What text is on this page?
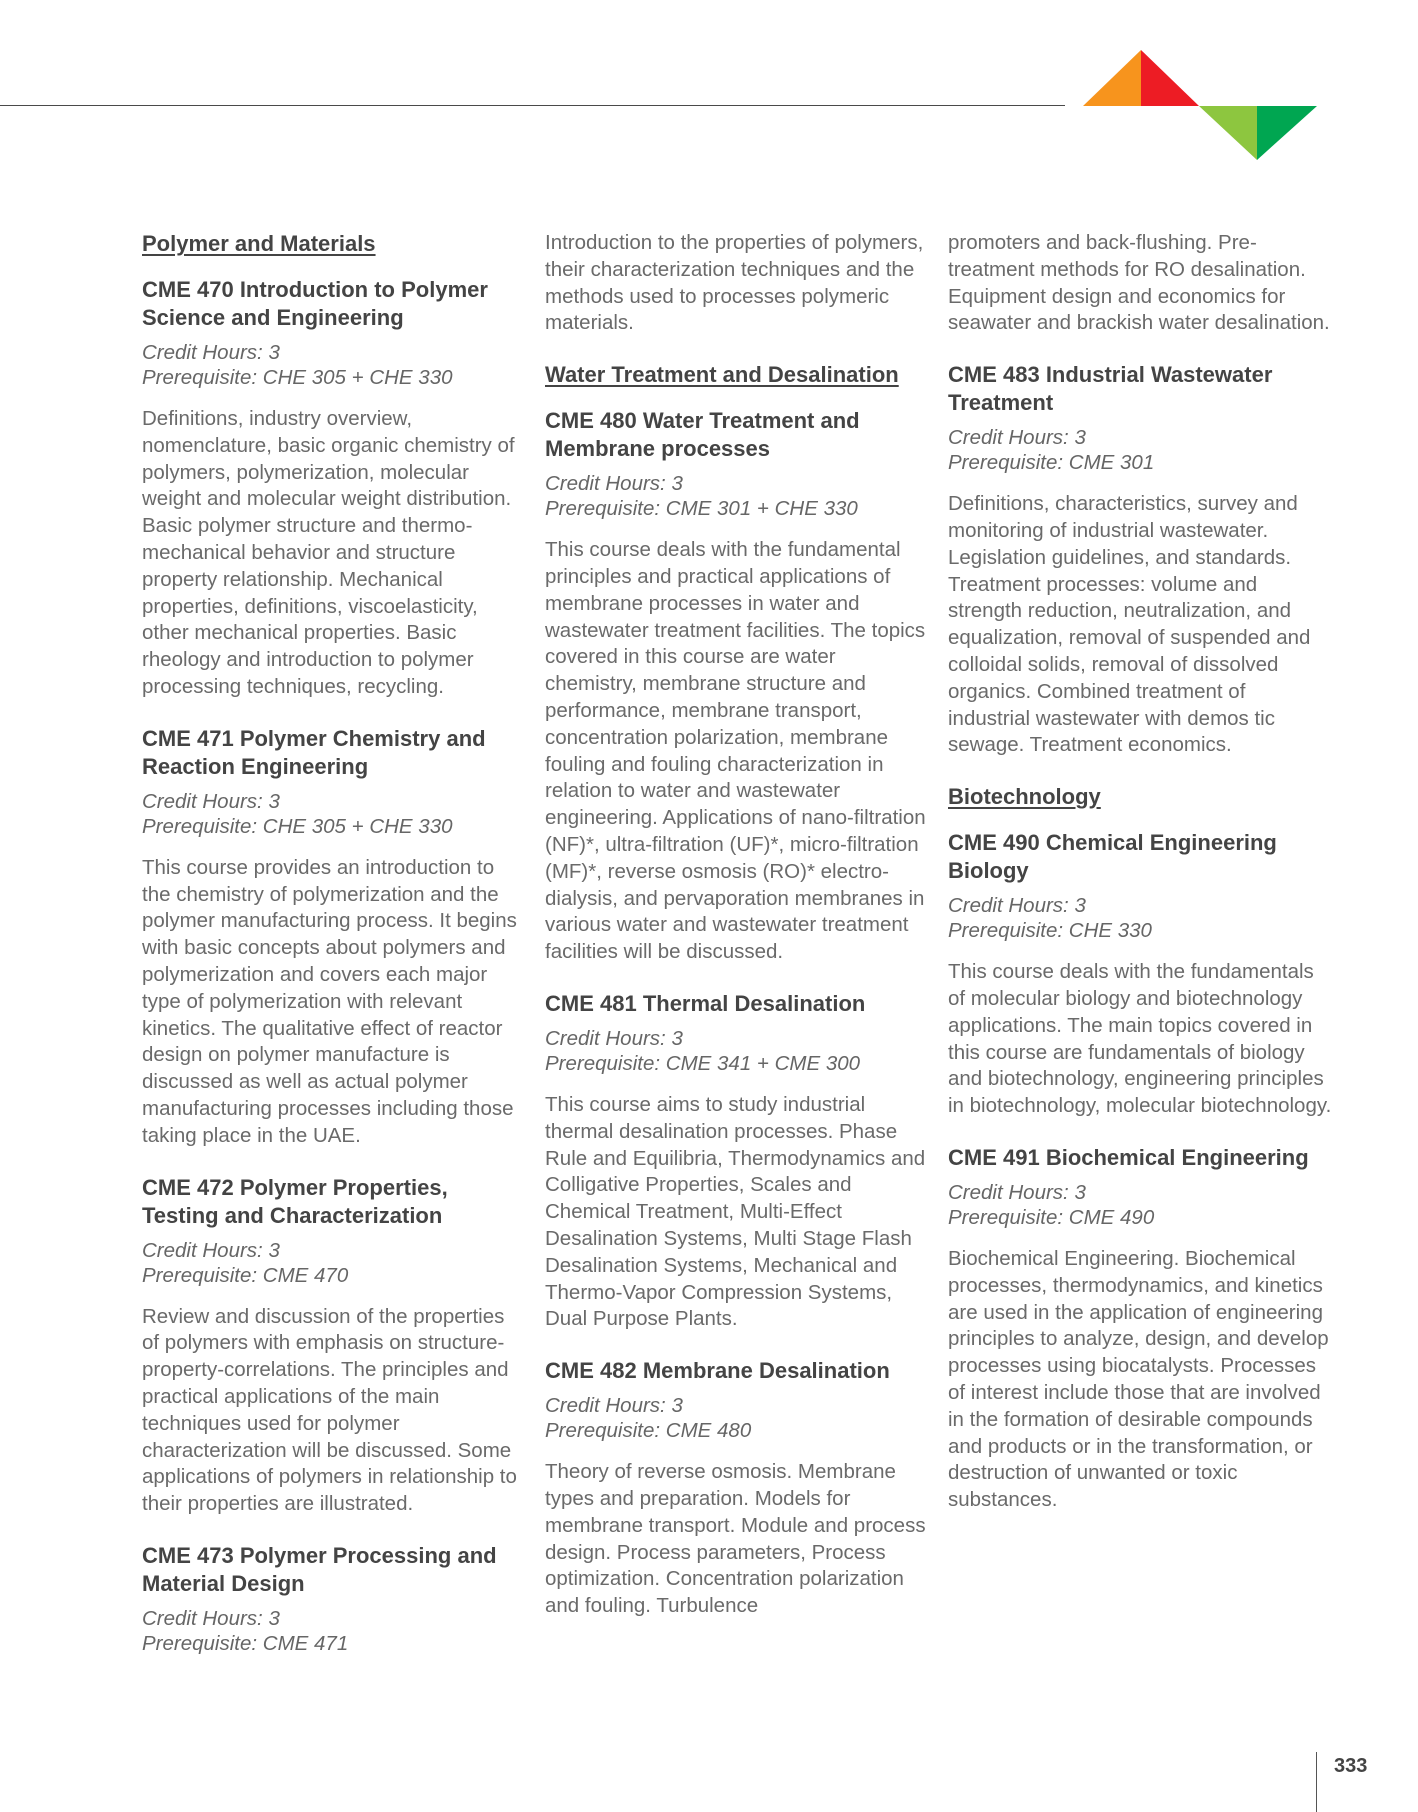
Polymer and Materials
CME 470 Introduction to Polymer Science and Engineering
Credit Hours: 3
Prerequisite: CHE 305 + CHE 330
Definitions, industry overview, nomenclature, basic organic chemistry of polymers, polymerization, molecular weight and molecular weight distribution. Basic polymer structure and thermo-mechanical behavior and structure property relationship. Mechanical properties, definitions, viscoelasticity, other mechanical properties. Basic rheology and introduction to polymer processing techniques, recycling.
CME 471 Polymer Chemistry and Reaction Engineering
Credit Hours: 3
Prerequisite: CHE 305 + CHE 330
This course provides an introduction to the chemistry of polymerization and the polymer manufacturing process. It begins with basic concepts about polymers and polymerization and covers each major type of polymerization with relevant kinetics. The qualitative effect of reactor design on polymer manufacture is discussed as well as actual polymer manufacturing processes including those taking place in the UAE.
CME 472 Polymer Properties, Testing and Characterization
Credit Hours: 3
Prerequisite: CME 470
Review and discussion of the properties of polymers with emphasis on structure-property-correlations. The principles and practical applications of the main techniques used for polymer characterization will be discussed. Some applications of polymers in relationship to their properties are illustrated.
CME 473 Polymer Processing and Material Design
Credit Hours: 3
Prerequisite: CME 471
Introduction to the properties of polymers, their characterization techniques and the methods used to processes polymeric materials.
Water Treatment and Desalination
CME 480 Water Treatment and Membrane processes
Credit Hours: 3
Prerequisite: CME 301 + CHE 330
This course deals with the fundamental principles and practical applications of membrane processes in water and wastewater treatment facilities. The topics covered in this course are water chemistry, membrane structure and performance, membrane transport, concentration polarization, membrane fouling and fouling characterization in relation to water and wastewater engineering. Applications of nano-filtration (NF)*, ultra-filtration (UF)*, micro-filtration (MF)*, reverse osmosis (RO)* electro- dialysis, and pervaporation membranes in various water and wastewater treatment facilities will be discussed.
CME 481 Thermal Desalination
Credit Hours: 3
Prerequisite: CME 341 + CME 300
This course aims to study industrial thermal desalination processes. Phase Rule and Equilibria, Thermodynamics and Colligative Properties, Scales and Chemical Treatment, Multi-Effect Desalination Systems, Multi Stage Flash Desalination Systems, Mechanical and Thermo-Vapor Compression Systems, Dual Purpose Plants.
CME 482 Membrane Desalination
Credit Hours: 3
Prerequisite: CME 480
Theory of reverse osmosis. Membrane types and preparation. Models for membrane transport. Module and process design. Process parameters, Process optimization. Concentration polarization and fouling. Turbulence
promoters and back-flushing. Pre-treatment methods for RO desalination. Equipment design and economics for seawater and brackish water desalination.
CME 483 Industrial Wastewater Treatment
Credit Hours: 3
Prerequisite: CME 301
Definitions, characteristics, survey and monitoring of industrial wastewater. Legislation guidelines, and standards. Treatment processes: volume and strength reduction, neutralization, and equalization, removal of suspended and colloidal solids, removal of dissolved organics. Combined treatment of industrial wastewater with demos tic sewage. Treatment economics.
Biotechnology
CME 490 Chemical Engineering Biology
Credit Hours: 3
Prerequisite: CHE 330
This course deals with the fundamentals of molecular biology and biotechnology applications. The main topics covered in this course are fundamentals of biology and biotechnology, engineering principles in biotechnology, molecular biotechnology.
CME 491 Biochemical Engineering
Credit Hours: 3
Prerequisite: CME 490
Biochemical Engineering. Biochemical processes, thermodynamics, and kinetics are used in the application of engineering principles to analyze, design, and develop processes using biocatalysts. Processes of interest include those that are involved in the formation of desirable compounds and products or in the transformation, or destruction of unwanted or toxic substances.
333
